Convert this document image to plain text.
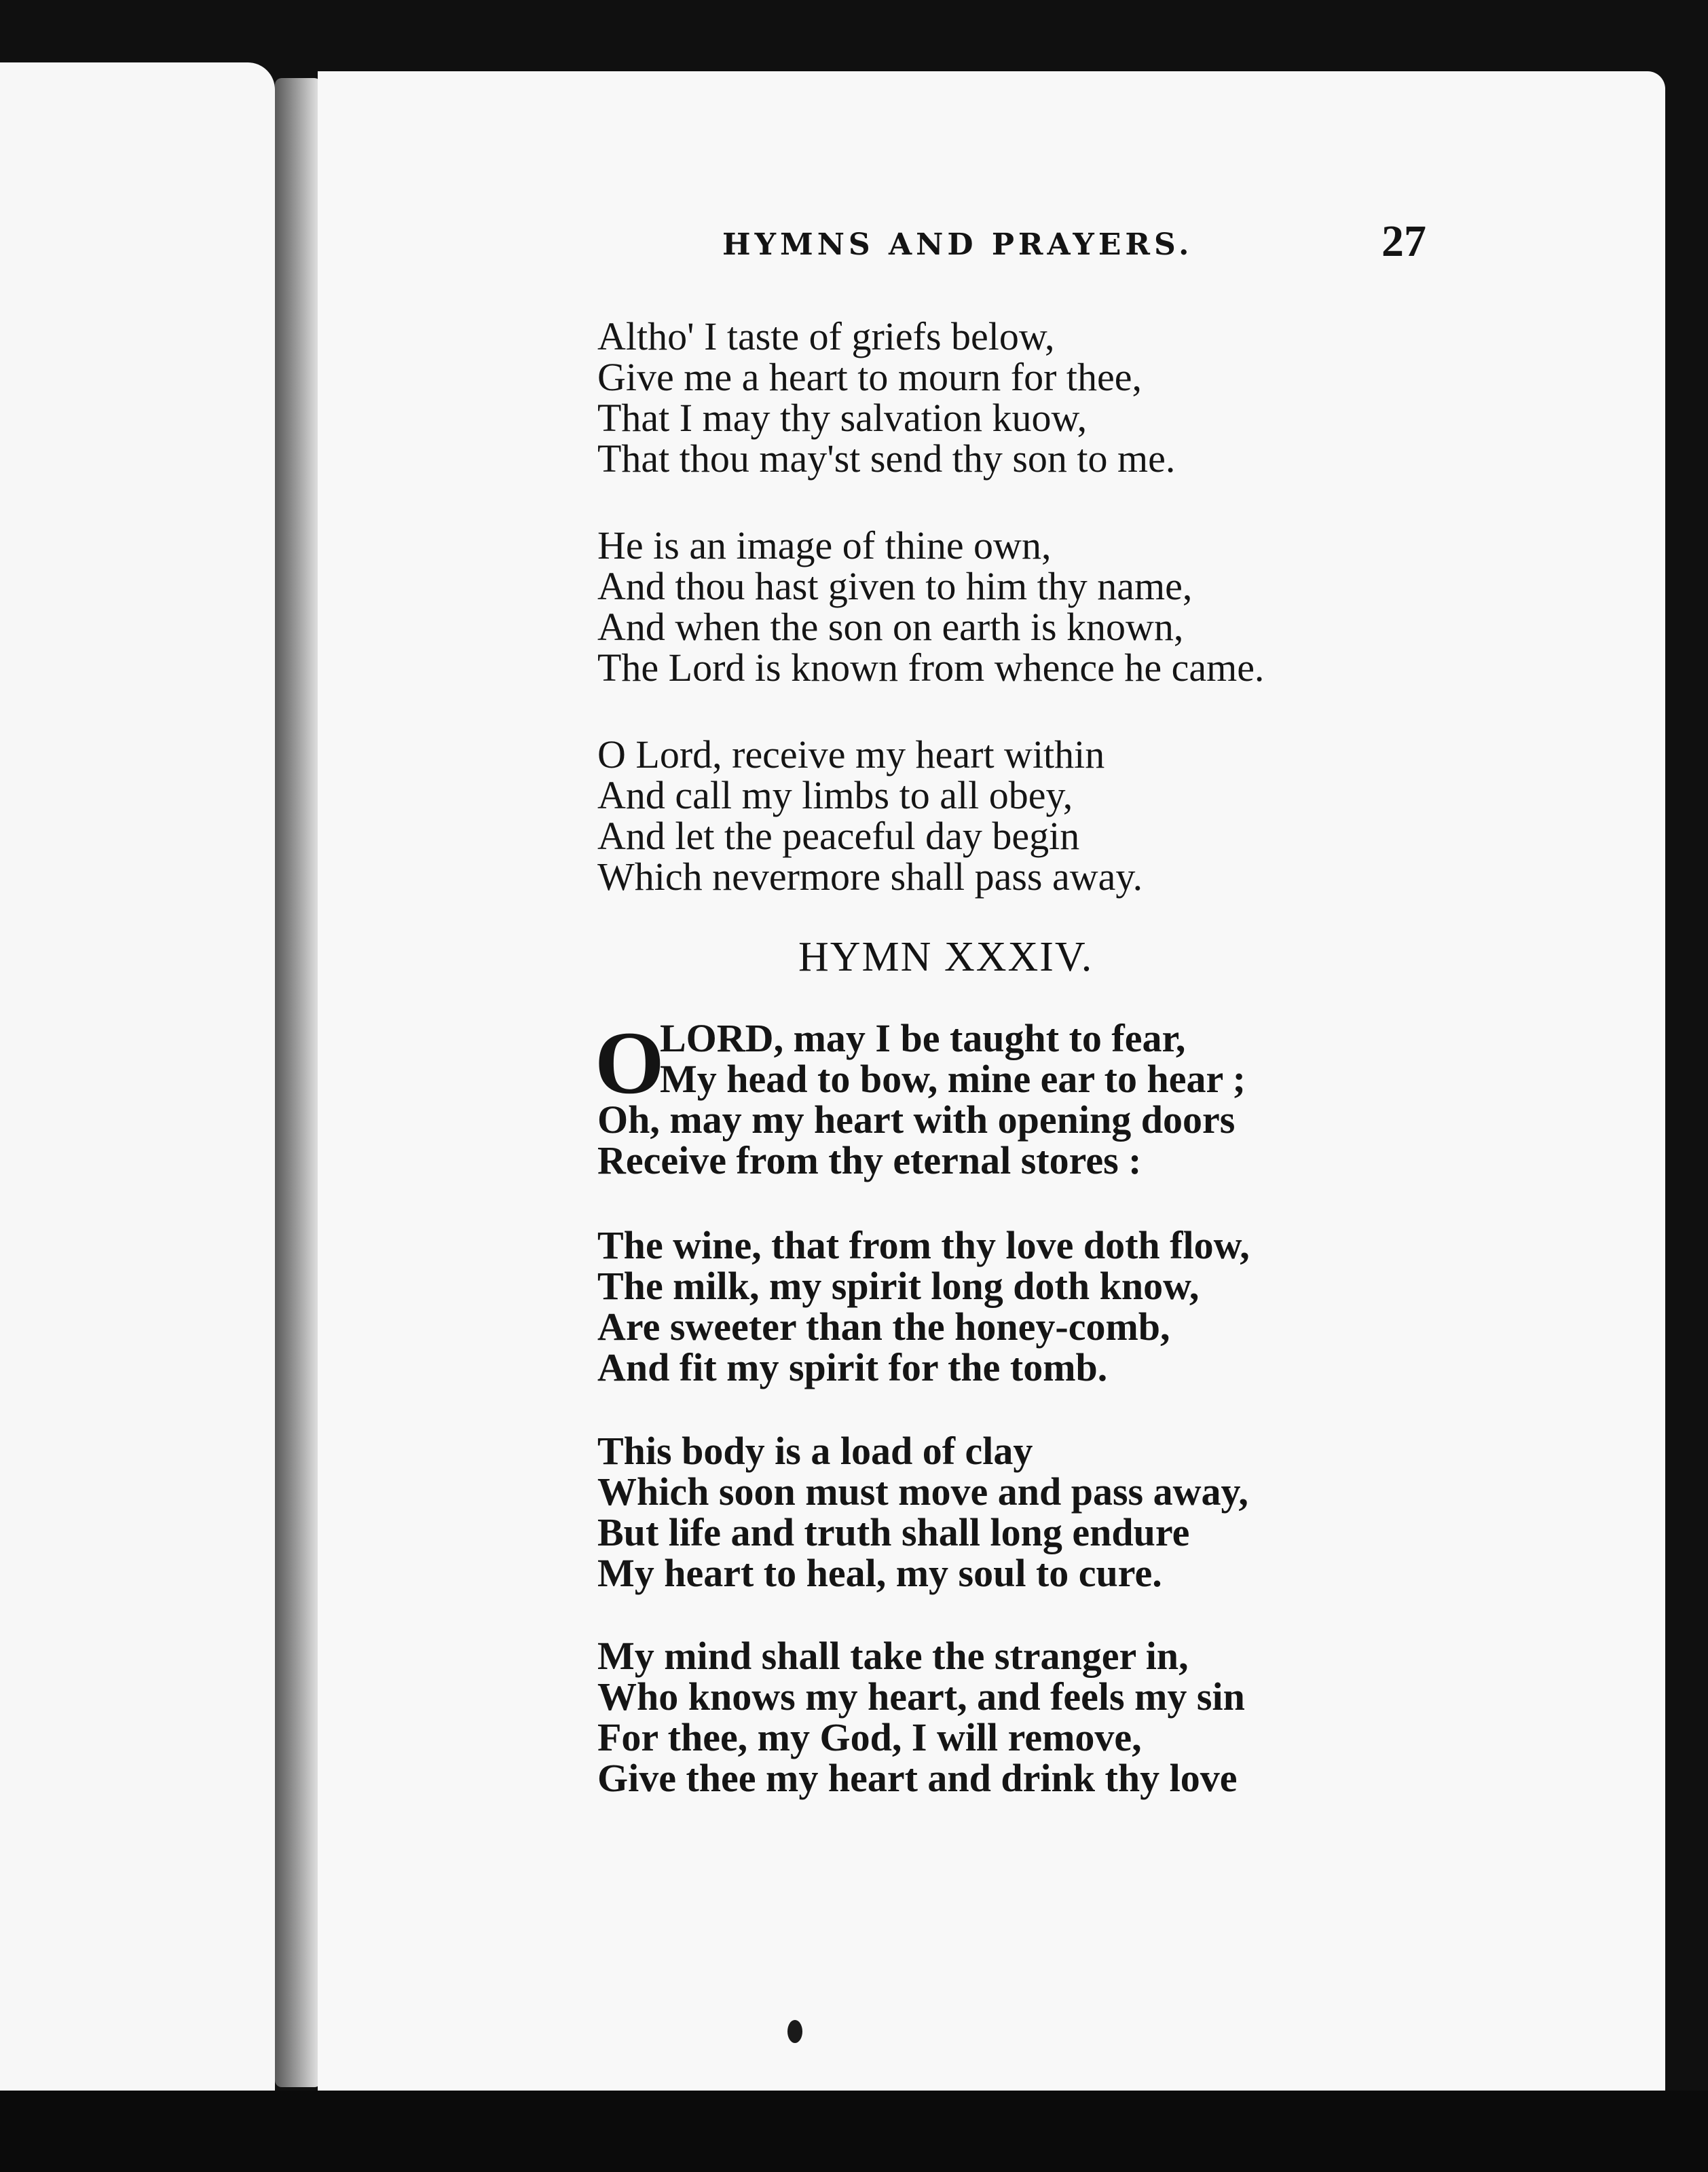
HYMNS AND PRAYERS.	27
Altho' I taste of griefs below,
Give me a heart to mourn for thee,
That I may thy salvation kuow,
That thou may'st send thy son to me.
He is an image of thine own,
And thou hast given to him thy name,
And when the son on earth is known,
The Lord is known from whence he came.
O Lord, receive my heart within
And call my limbs to all obey,
And let the peaceful day begin
Which nevermore shall pass away.
HYMN XXXIV.
O
LORD, may I be taught to fear,
My head to bow, mine ear to hear ;
Oh, may my heart with opening doors
Receive from thy eternal stores :
The wine, that from thy love doth flow,
The milk, my spirit long doth know,
Are sweeter than the honey-comb,
And fit my spirit for the tomb.
This body is a load of clay
Which soon must move and pass away,
But life and truth shall long endure
My heart to heal, my soul to cure.
My mind shall take the stranger in,
Who knows my heart, and feels my sin
For thee, my God, I will remove,
Give thee my heart and drink thy love
